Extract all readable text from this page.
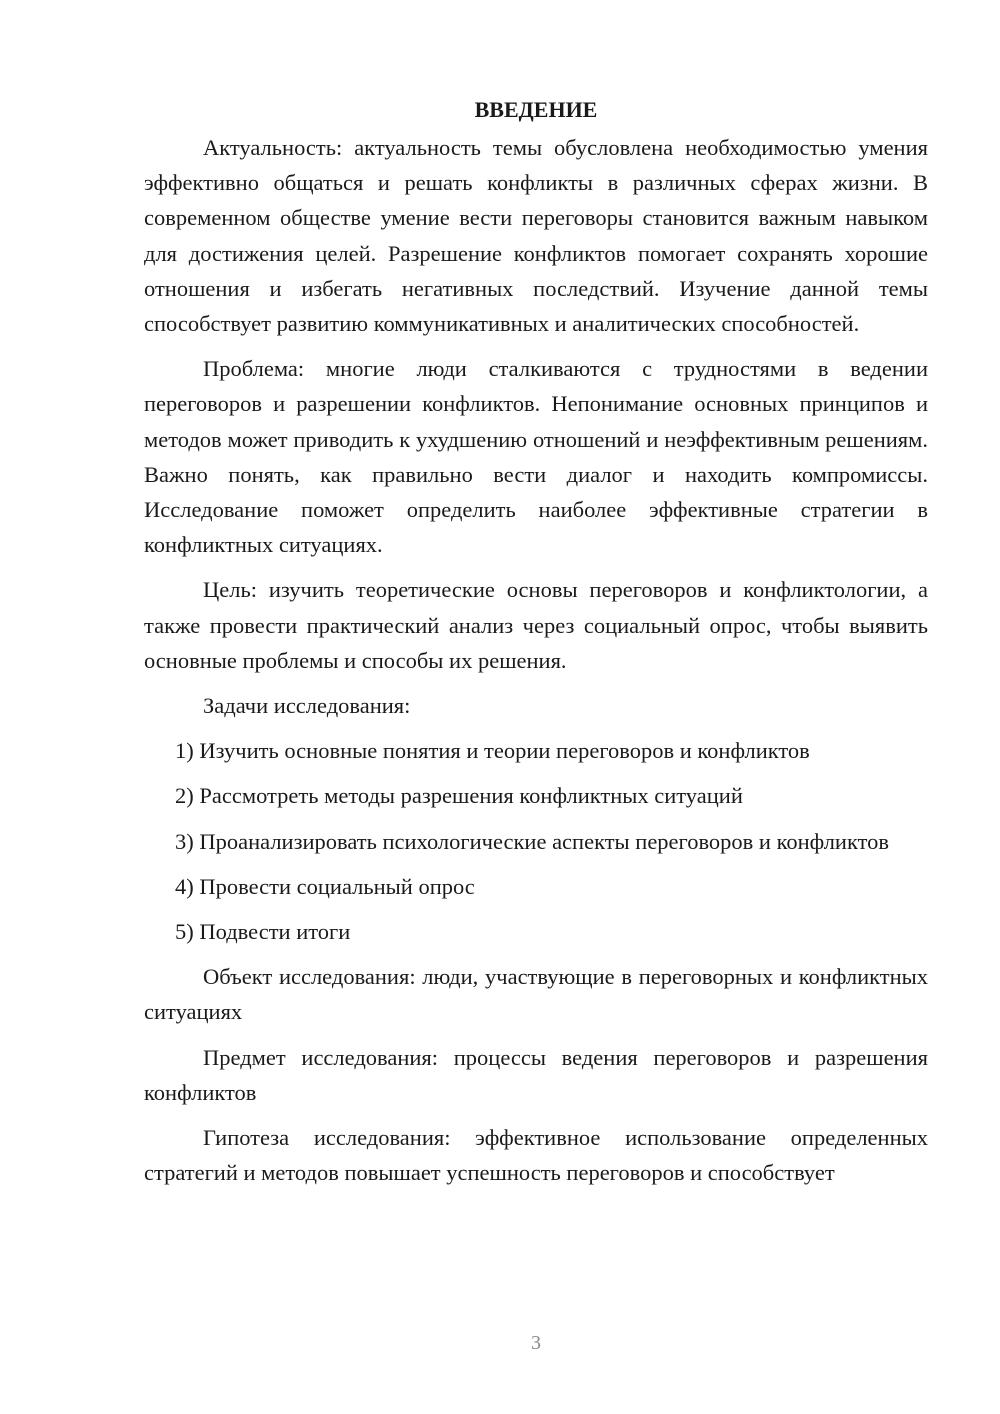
ВВЕДЕНИЕ

Актуальность: актуальность темы обусловлена необходимостью умения эффективно общаться и решать конфликты в различных сферах жизни. В современном обществе умение вести переговоры становится важным навыком для достижения целей. Разрешение конфликтов помогает сохранять хорошие отношения и избегать негативных последствий. Изучение данной темы способствует развитию коммуникативных и аналитических способностей.

Проблема: многие люди сталкиваются с трудностями в ведении переговоров и разрешении конфликтов. Непонимание основных принципов и методов может приводить к ухудшению отношений и неэффективным решениям. Важно понять, как правильно вести диалог и находить компромиссы. Исследование поможет определить наиболее эффективные стратегии в конфликтных ситуациях.

Цель: изучить теоретические основы переговоров и конфликтологии, а также провести практический анализ через социальный опрос, чтобы выявить основные проблемы и способы их решения.

Задачи исследования:

1) Изучить основные понятия и теории переговоров и конфликтов

2) Рассмотреть методы разрешения конфликтных ситуаций

3) Проанализировать психологические аспекты переговоров и конфликтов

4) Провести социальный опрос

5) Подвести итоги

Объект исследования: люди, участвующие в переговорных и конфликтных ситуациях

Предмет исследования: процессы ведения переговоров и разрешения конфликтов

Гипотеза исследования: эффективное использование определенных стратегий и методов повышает успешность переговоров и способствует

3
